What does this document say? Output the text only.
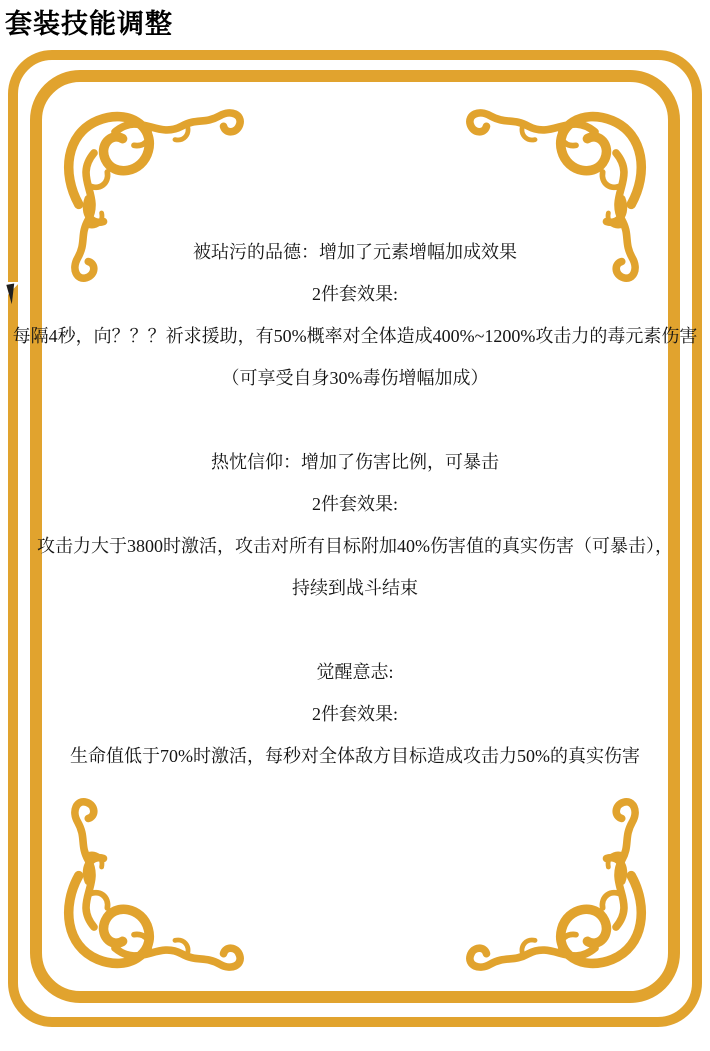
套装技能调整

被玷污的品德：增加了元素增幅加成效果

2件套效果:

每隔4秒，向？？？祈求援助，有50%概率对全体造成400%~1200%攻击力的毒元素伤害

（可享受自身30%毒伤增幅加成）

热忱信仰：增加了伤害比例，可暴击

2件套效果:

攻击力大于3800时激活，攻击对所有目标附加40%伤害值的真实伤害（可暴击），

持续到战斗结束

觉醒意志:

2件套效果:

生命值低于70%时激活，每秒对全体敌方目标造成攻击力50%的真实伤害
